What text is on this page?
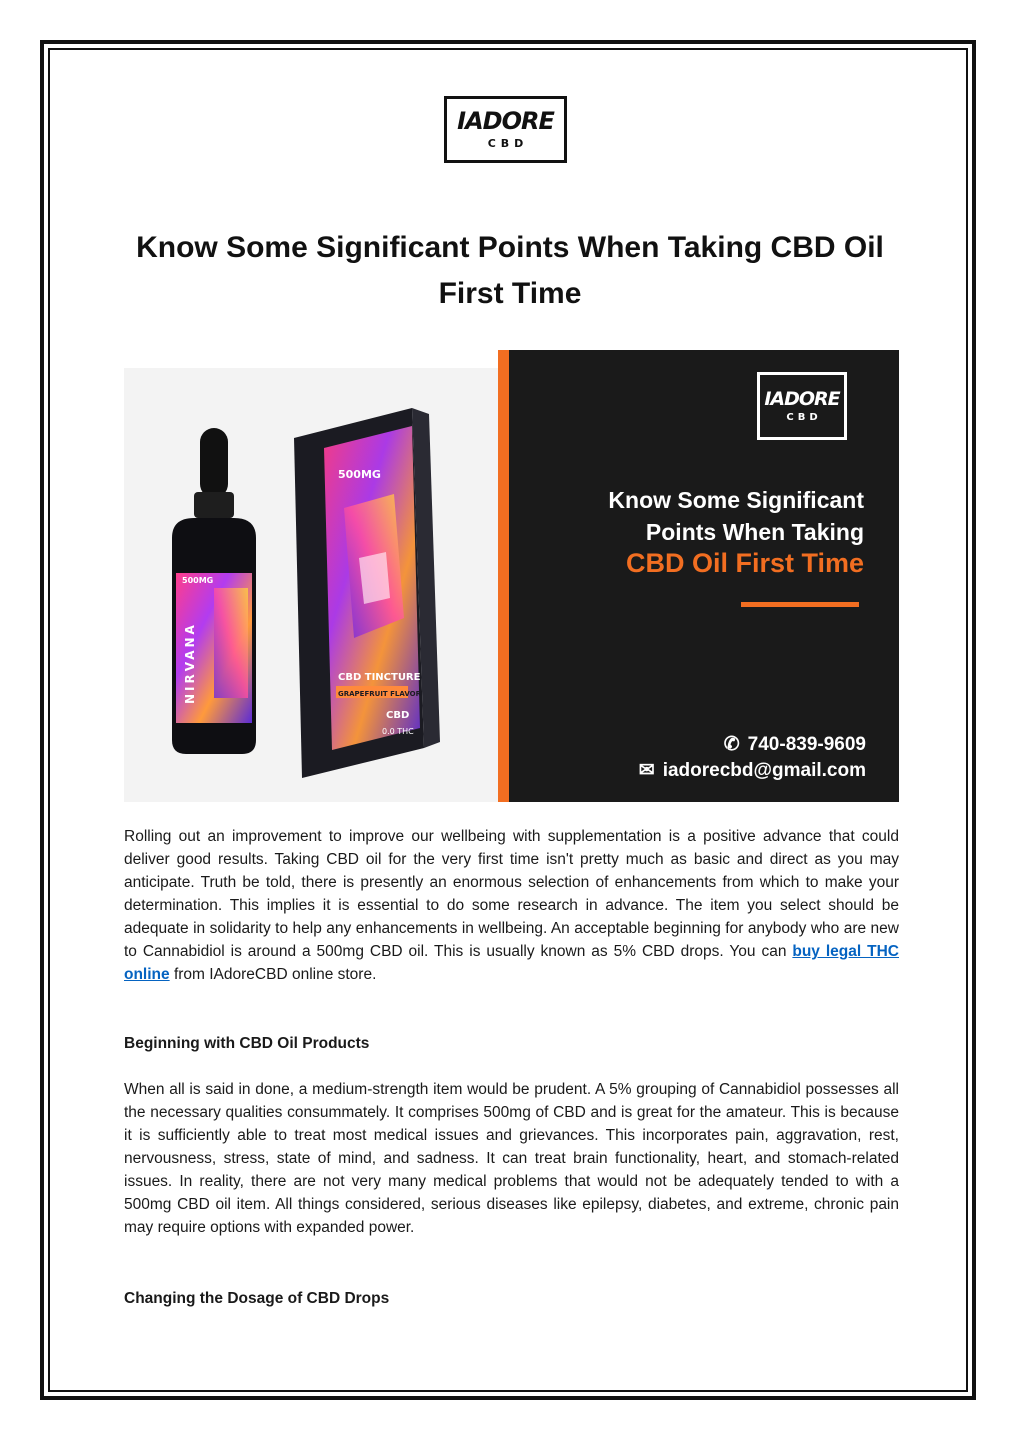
IADORE
CBD
Know Some Significant Points When Taking CBD Oil First Time
500MG
CBD TINCTURE
GRAPEFRUIT FLAVOR
CBD
0.0 THC
500MG
NIRVANA
IADORE
CBD
Know Some Significant Points When Taking
CBD Oil First Time
✆ 740-839-9609
✉ iadorecbd@gmail.com

Rolling out an improvement to improve our wellbeing with supplementation is a positive advance that could deliver good results. Taking CBD oil for the very first time isn't pretty much as basic and direct as you may anticipate. Truth be told, there is presently an enormous selection of enhancements from which to make your determination. This implies it is essential to do some research in advance. The item you select should be adequate in solidarity to help any enhancements in wellbeing. An acceptable beginning for anybody who are new to Cannabidiol is around a 500mg CBD oil. This is usually known as 5% CBD drops. You can buy legal THC online from IAdoreCBD online store.

Beginning with CBD Oil Products

When all is said in done, a medium-strength item would be prudent. A 5% grouping of Cannabidiol possesses all the necessary qualities consummately. It comprises 500mg of CBD and is great for the amateur. This is because it is sufficiently able to treat most medical issues and grievances. This incorporates pain, aggravation, rest, nervousness, stress, state of mind, and sadness. It can treat brain functionality, heart, and stomach-related issues. In reality, there are not very many medical problems that would not be adequately tended to with a 500mg CBD oil item. All things considered, serious diseases like epilepsy, diabetes, and extreme, chronic pain may require options with expanded power.

Changing the Dosage of CBD Drops
